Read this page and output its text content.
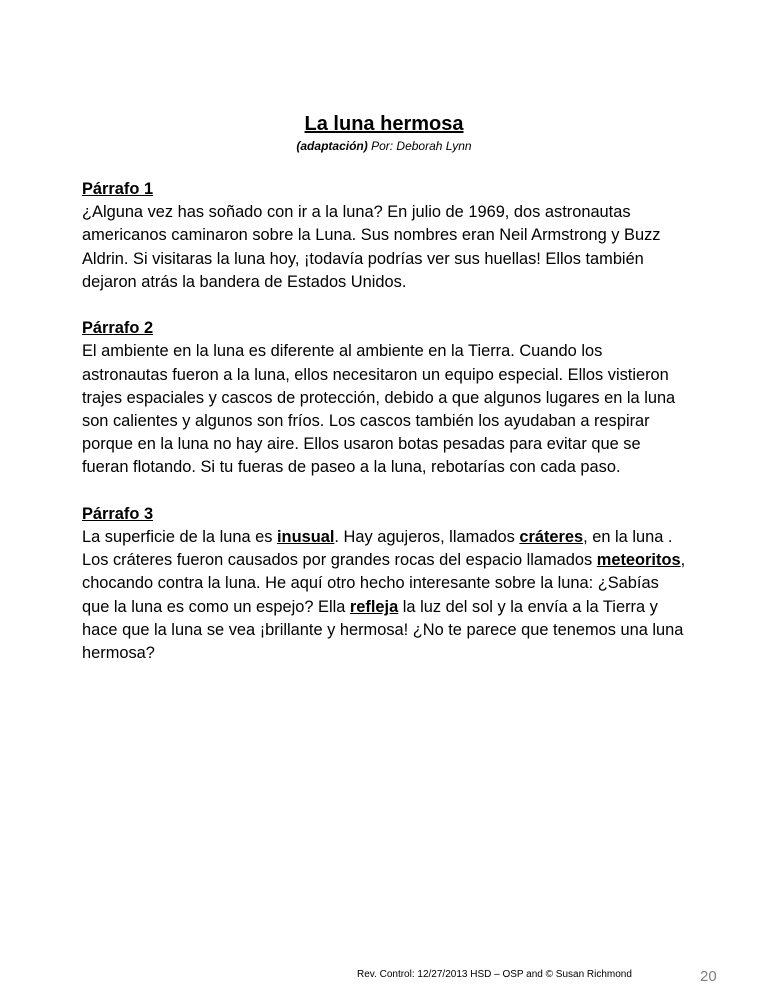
La luna hermosa
(adaptación) Por: Deborah Lynn

Párrafo 1

¿Alguna vez has soñado con ir a la luna? En julio de 1969, dos astronautas americanos caminaron sobre la Luna. Sus nombres eran Neil Armstrong y Buzz Aldrin. Si visitaras la luna hoy, ¡todavía podrías ver sus huellas! Ellos también dejaron atrás la bandera de Estados Unidos.

Párrafo 2

El ambiente en la luna es diferente al ambiente en la Tierra. Cuando los astronautas fueron a la luna, ellos necesitaron un equipo especial. Ellos vistieron trajes espaciales y cascos de protección, debido a que algunos lugares en la luna son calientes y algunos son fríos. Los cascos también los ayudaban a respirar porque en la luna no hay aire. Ellos usaron botas pesadas para evitar que se fueran flotando. Si tu fueras de paseo a la luna, rebotarías con cada paso.

Párrafo 3

La superficie de la luna es inusual. Hay agujeros, llamados cráteres, en la luna . Los cráteres fueron causados por grandes rocas del espacio llamados meteoritos, chocando contra la luna. He aquí otro hecho interesante sobre la luna: ¿Sabías que la luna es como un espejo? Ella refleja la luz del sol y la envía a la Tierra y hace que la luna se vea ¡brillante y hermosa! ¿No te parece que tenemos una luna hermosa?

Rev. Control: 12/27/2013 HSD – OSP and © Susan Richmond	20
